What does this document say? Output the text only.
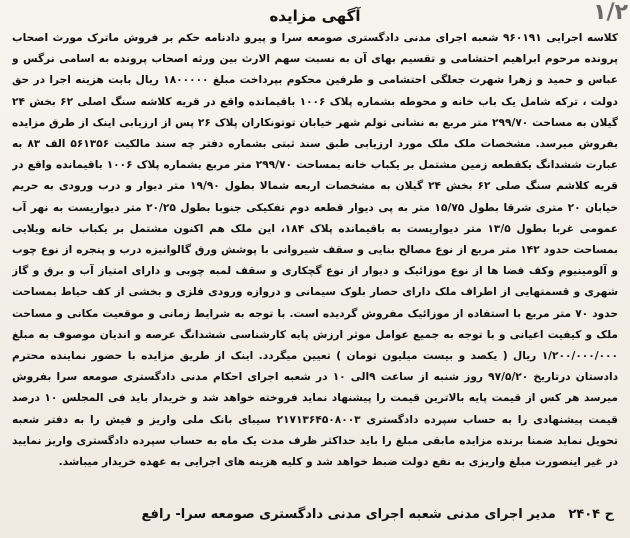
۱/۲
آگهی مزایده
کلاسه اجرایی ۹۶۰۱۹۱ شعبه اجرای مدنی دادگستری صومعه سرا و پیرو دادنامه حکم بر فروش ماترک مورث اصحاب پرونده مرحوم ابراهیم احتشامی و تقسیم بهای آن به نسبت سهم الارث بین ورثه اصحاب پرونده به اسامی نرگس و عباس و حمید و زهرا شهرت جعلگی احتشامی و طرفین محکوم بپرداخت مبلغ ۱۸۰۰۰۰۰ ریال بابت هزینه اجرا در حق دولت ، ترکه شامل یک باب خانه و محوطه بشماره پلاک ۱۰۰۶ باقیمانده واقع در قریه کلاشه سنگ اصلی ۶۲ بخش ۲۴ گیلان به مساحت ۲۹۹/۷۰ متر مربع به نشانی تولم شهر خیابان توتونکاران پلاک ۲۶ پس از ارزیابی اینک از طرق مزایده بفروش میرسد. مشخصات ملک ملک مورد ارزیابی طبق سند ثبتی بشماره دفتر چه سند مالکیت ۵۶۱۳۵۶ الف ۸۳ به عبارت ششدانگ یکقطعه زمین مشتمل بر یکباب خانه بمساحت ۲۹۹/۷۰ متر مربع بشماره پلاک ۱۰۰۶ باقیمانده واقع در قریه کلاشم سنگ صلی ۶۲ بخش ۲۴ گیلان به مشخصات اربعه شمالا بطول ۱۹/۹۰ متر دیوار و درب ورودی به حریم خیابان ۲۰ متری شرقا بطول ۱۵/۷۵ متر به پی دیوار قطعه دوم تفکیکی جنوبا بطول ۲۰/۲۵ متر دیواریست به نهر آب عمومی غربا بطول ۱۳/۵ متر دیواریست به باقیمانده پلاک ۱۸۴، این ملک هم اکنون مشتمل بر یکباب خانه ویلایی بمساحت حدود ۱۴۲ متر مربع از نوع مصالح بنایی و سقف شیروانی با پوشش ورق گالوانیزه درب و پنجره از نوع چوب و آلومینیوم وکف فضا ها از نوع موزائیک و دیوار از نوع گچکاری و سقف لمبه چوبی و دارای امتیاز آب و برق و گاز شهری و قسمتهایی از اطراف ملک دارای حصار بلوک سیمانی و دروازه ورودی فلزی و بخشی از کف حیاط بمساحت حدود ۷۰ متر مربع با استفاده از موزائیک مفروش گردیده است. با توجه به شرایط زمانی و موقعیت مکانی و مساحت ملک و کیفیت اعیانی و با توجه به جمیع عوامل موثر ارزش پایه کارشناسی ششدانگ عرصه و اندیان موصوف به مبلغ ۱/۲۰۰/۰۰۰/۰۰۰ ریال ( یکصد و بیست میلیون تومان ) تعیین میگردد. اینک از طریق مزایده با حضور نماینده محترم دادستان درتاریخ ۹۷/۵/۲۰ روز شنبه از ساعت ۹الی ۱۰ در شعبه اجرای احکام مدنی دادگستری صومعه سرا بفروش میرسد هر کس از قیمت پایه بالاترین قیمت را پیشنهاد نماید فروخته خواهد شد و خریدار باید فی المجلس ۱۰ درصد قیمت پیشنهادی را به حساب سپرده دادگستری ۲۱۷۱۳۶۴۵۰۸۰۰۳ سیبای بانک ملی واریز و فیش را به دفتر شعبه تحویل نماید ضمنا برنده مزایده مابقی مبلغ را باید حداکثر ظرف مدت یک ماه به حساب سپرده دادگستری واریز نمایید در غیر اینصورت مبلغ واریزی به نفع دولت ضبط خواهد شد و کلیه هزینه های اجرایی به عهده خریدار میباشد.
ح ۲۴۰۴ مدیر اجرای مدنی شعبه اجرای مدنی دادگستری صومعه سرا- رافع
